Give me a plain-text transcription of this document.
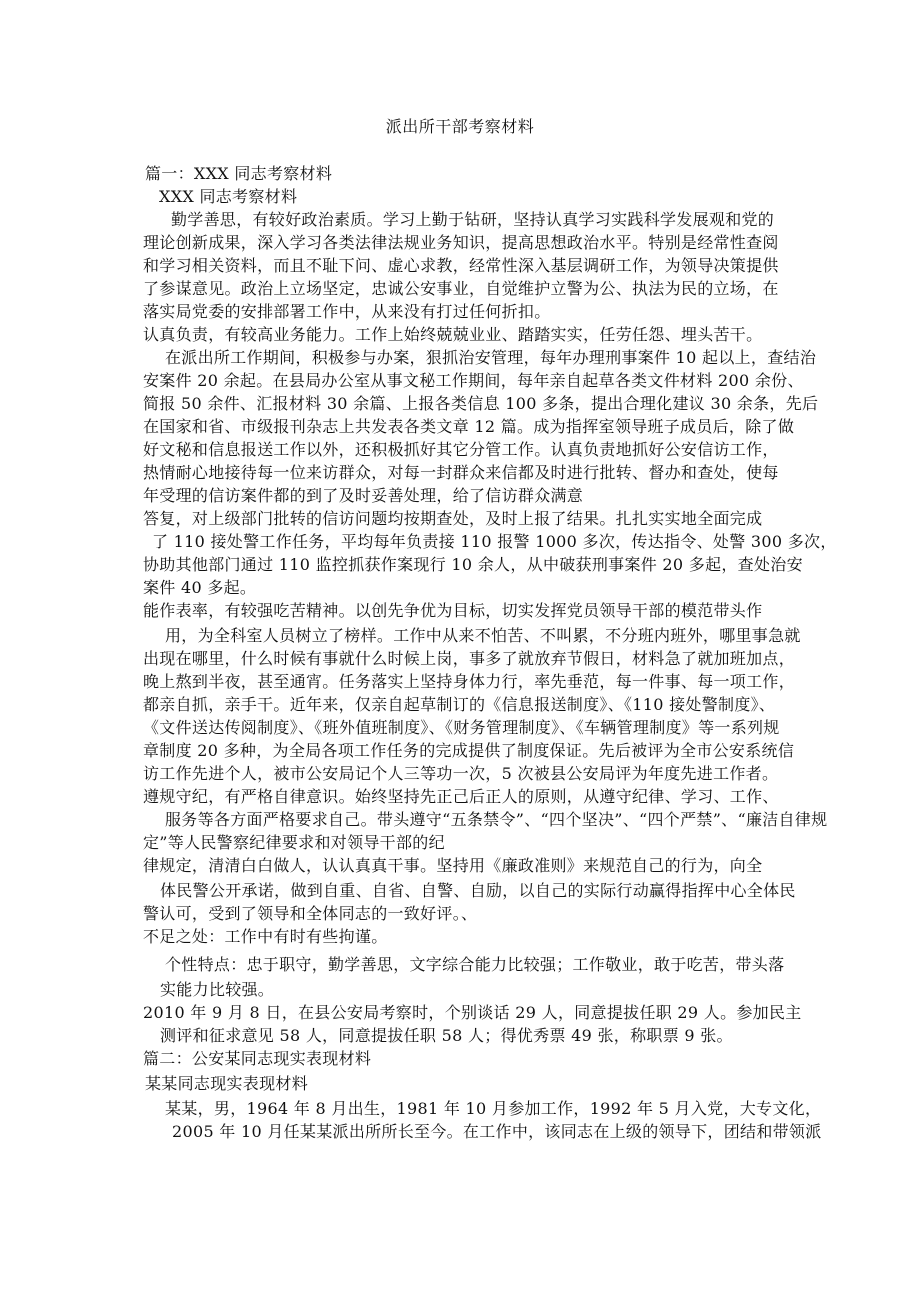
派出所干部考察材料
篇一：XXX 同志考察材料
XXX 同志考察材料
勤学善思，有较好政治素质。学习上勤于钻研，坚持认真学习实践科学发展观和党的
理论创新成果，深入学习各类法律法规业务知识，提高思想政治水平。特别是经常性查阅
和学习相关资料，而且不耻下问、虚心求教，经常性深入基层调研工作，为领导决策提供
了参谋意见。政治上立场坚定，忠诚公安事业，自觉维护立警为公、执法为民的立场，在
落实局党委的安排部署工作中，从来没有打过任何折扣。
认真负责，有较高业务能力。工作上始终兢兢业业、踏踏实实，任劳任怨、埋头苦干。
在派出所工作期间，积极参与办案，狠抓治安管理，每年办理刑事案件 10 起以上，查结治
安案件 20 余起。在县局办公室从事文秘工作期间，每年亲自起草各类文件材料 200 余份、
简报 50 余件、汇报材料 30 余篇、上报各类信息 100 多条，提出合理化建议 30 余条，先后
在国家和省、市级报刊杂志上共发表各类文章 12 篇。成为指挥室领导班子成员后，除了做
好文秘和信息报送工作以外，还积极抓好其它分管工作。认真负责地抓好公安信访工作，
热情耐心地接待每一位来访群众，对每一封群众来信都及时进行批转、督办和查处，使每
年受理的信访案件都的到了及时妥善处理，给了信访群众满意
答复，对上级部门批转的信访问题均按期查处，及时上报了结果。扎扎实实地全面完成
了 110 接处警工作任务，平均每年负责接 110 报警 1000 多次，传达指令、处警 300 多次，
协助其他部门通过 110 监控抓获作案现行 10 余人，从中破获刑事案件 20 多起，查处治安
案件 40 多起。
能作表率，有较强吃苦精神。以创先争优为目标，切实发挥党员领导干部的模范带头作
用，为全科室人员树立了榜样。工作中从来不怕苦、不叫累，不分班内班外，哪里事急就
出现在哪里，什么时候有事就什么时候上岗，事多了就放弃节假日，材料急了就加班加点，
晚上熬到半夜，甚至通宵。任务落实上坚持身体力行，率先垂范，每一件事、每一项工作，
都亲自抓，亲手干。近年来，仅亲自起草制订的《信息报送制度》、《110 接处警制度》、
《文件送达传阅制度》、《班外值班制度》、《财务管理制度》、《车辆管理制度》等一系列规
章制度 20 多种，为全局各项工作任务的完成提供了制度保证。先后被评为全市公安系统信
访工作先进个人，被市公安局记个人三等功一次，5 次被县公安局评为年度先进工作者。
遵规守纪，有严格自律意识。始终坚持先正己后正人的原则，从遵守纪律、学习、工作、
服务等各方面严格要求自己。带头遵守“五条禁令”、“四个坚决”、“四个严禁”、“廉洁自律规
定”等人民警察纪律要求和对领导干部的纪
律规定，清清白白做人，认认真真干事。坚持用《廉政准则》来规范自己的行为，向全
体民警公开承诺，做到自重、自省、自警、自励，以自己的实际行动赢得指挥中心全体民
警认可，受到了领导和全体同志的一致好评。、
不足之处：工作中有时有些拘谨。
个性特点：忠于职守，勤学善思，文字综合能力比较强；工作敬业，敢于吃苦，带头落
实能力比较强。
2010 年 9 月 8 日，在县公安局考察时，个别谈话 29 人，同意提拔任职 29 人。参加民主
测评和征求意见 58 人，同意提拔任职 58 人；得优秀票 49 张，称职票 9 张。
篇二：公安某同志现实表现材料
某某同志现实表现材料
某某，男，1964 年 8 月出生，1981 年 10 月参加工作，1992 年 5 月入党，大专文化，
2005 年 10 月任某某派出所所长至今。在工作中，该同志在上级的领导下，团结和带领派
